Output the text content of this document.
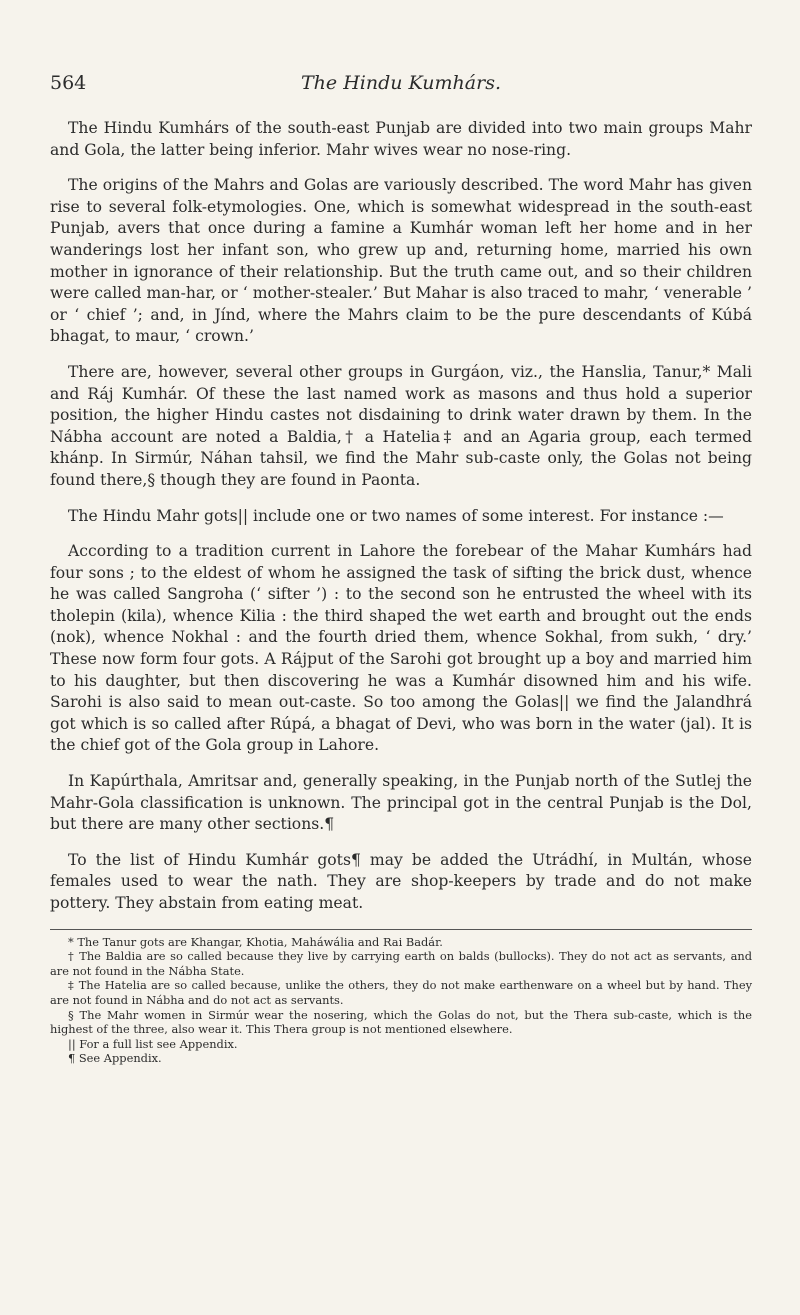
564	The Hindu Kumhárs.

The Hindu Kumhárs of the south-east Punjab are divided into two main groups Mahr and Gola, the latter being inferior. Mahr wives wear no nose-ring.

The origins of the Mahrs and Golas are variously described. The word Mahr has given rise to several folk-etymologies. One, which is somewhat widespread in the south-east Punjab, avers that once during a famine a Kumhár woman left her home and in her wanderings lost her infant son, who grew up and, returning home, married his own mother in ignorance of their relationship. But the truth came out, and so their children were called man-har, or ‘ mother-stealer.’ But Mahar is also traced to mahr, ‘ venerable ’ or ‘ chief ’; and, in Jínd, where the Mahrs claim to be the pure descendants of Kúbá bhagat, to maur, ‘ crown.’

There are, however, several other groups in Gurgáon, viz., the Hanslia, Tanur,* Mali and Ráj Kumhár. Of these the last named work as masons and thus hold a superior position, the higher Hindu castes not disdaining to drink water drawn by them. In the Nábha account are noted a Baldia,† a Hatelia‡ and an Agaria group, each termed khánp. In Sirmúr, Náhan tahsil, we find the Mahr sub-caste only, the Golas not being found there,§ though they are found in Paonta.

The Hindu Mahr gots|| include one or two names of some interest. For instance :—

According to a tradition current in Lahore the forebear of the Mahar Kumhárs had four sons ; to the eldest of whom he assigned the task of sifting the brick dust, whence he was called Sangroha (‘ sifter ’) : to the second son he entrusted the wheel with its tholepin (kila), whence Kilia : the third shaped the wet earth and brought out the ends (nok), whence Nokhal : and the fourth dried them, whence Sokhal, from sukh, ‘ dry.’ These now form four gots. A Rájput of the Sarohi got brought up a boy and married him to his daughter, but then discovering he was a Kumhár disowned him and his wife. Sarohi is also said to mean out-caste. So too among the Golas|| we find the Jalandhrá got which is so called after Rúpá, a bhagat of Devi, who was born in the water (jal). It is the chief got of the Gola group in Lahore.

In Kapúrthala, Amritsar and, generally speaking, in the Punjab north of the Sutlej the Mahr-Gola classification is unknown. The principal got in the central Punjab is the Dol, but there are many other sections.¶

To the list of Hindu Kumhár gots¶ may be added the Utrádhí, in Multán, whose females used to wear the nath. They are shop-keepers by trade and do not make pottery. They abstain from eating meat.

* The Tanur gots are Khangar, Khotia, Maháwália and Rai Badár.

† The Baldia are so called because they live by carrying earth on balds (bullocks). They do not act as servants, and are not found in the Nábha State.

‡ The Hatelia are so called because, unlike the others, they do not make earthenware on a wheel but by hand. They are not found in Nábha and do not act as servants.

§ The Mahr women in Sirmúr wear the nosering, which the Golas do not, but the Thera sub-caste, which is the highest of the three, also wear it. This Thera group is not mentioned elsewhere.

|| For a full list see Appendix.

¶ See Appendix.
